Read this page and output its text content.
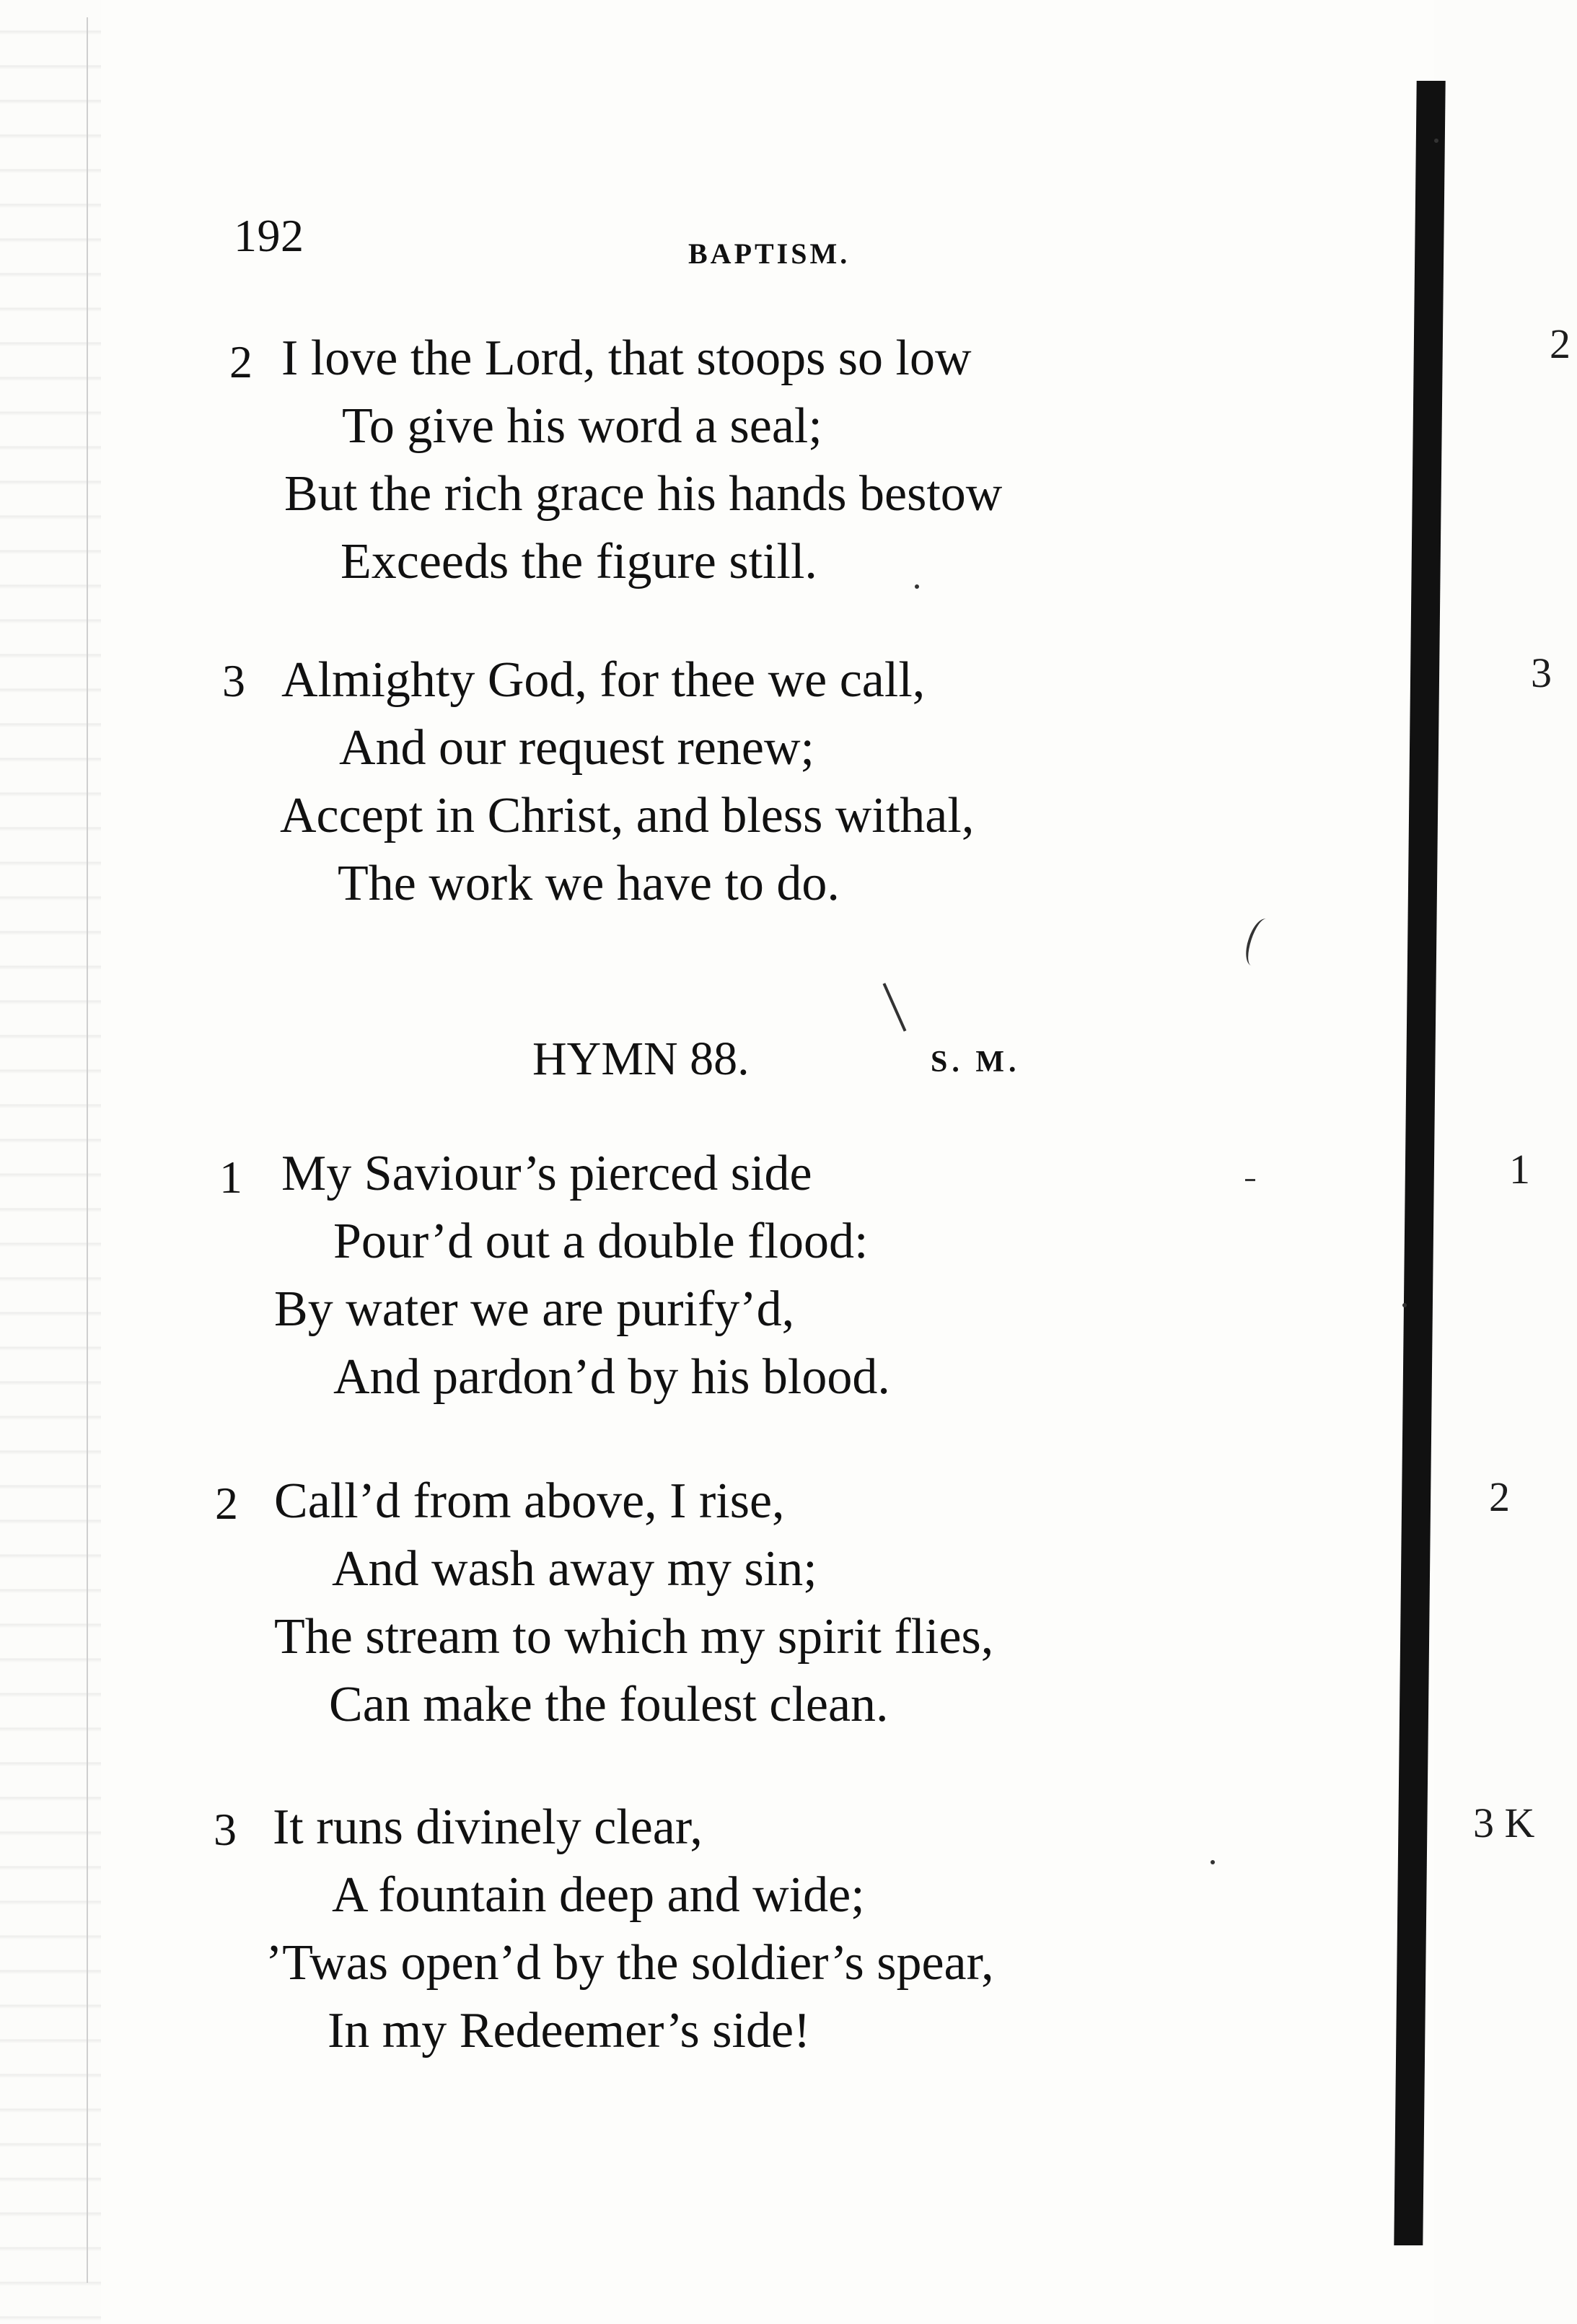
192	BAPTISM.
2 I love the Lord, that stoops so low
To give his word a seal;
But the rich grace his hands bestow
Exceeds the figure still.
3 Almighty God, for thee we call,
And our request renew;
Accept in Christ, and bless withal,
The work we have to do.
HYMN 88.	S. M.
1 My Saviour’s pierced side
Pour’d out a double flood:
By water we are purify’d,
And pardon’d by his blood.
2 Call’d from above, I rise,
And wash away my sin;
The stream to which my spirit flies,
Can make the foulest clean.
3 It runs divinely clear,
A fountain deep and wide;
’Twas open’d by the soldier’s spear,
In my Redeemer’s side!
2
3
1
2
3 K
